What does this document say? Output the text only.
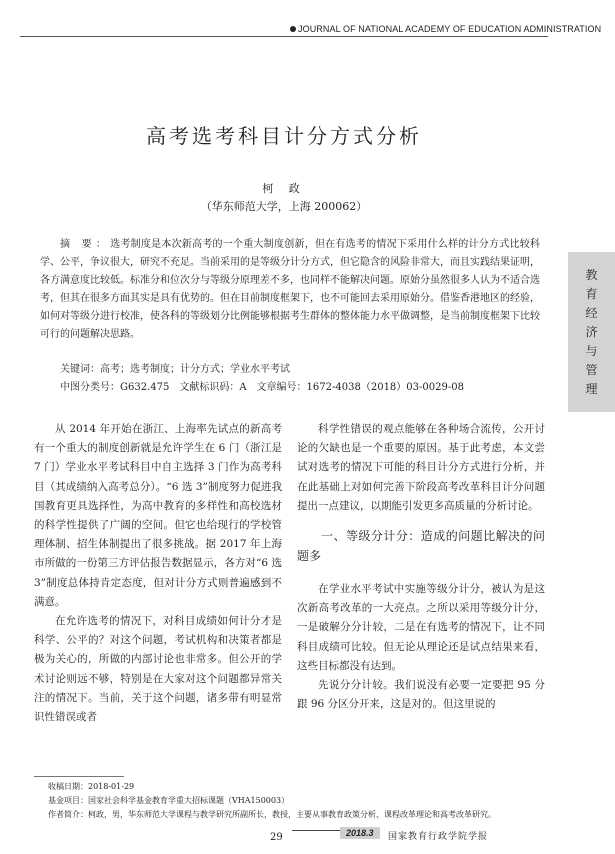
JOURNAL OF NATIONAL ACADEMY OF EDUCATION ADMINISTRATION
高考选考科目计分方式分析
柯 政
（华东师范大学，上海 200062）
摘 要：选考制度是本次新高考的一个重大制度创新，但在有选考的情况下采用什么样的计分方式比较科学、公平，争议很大，研究不充足。当前采用的是等级分计分方式，但它隐含的风险非常大，而且实践结果证明，各方满意度比较低。标准分和位次分与等级分原理差不多，也同样不能解决问题。原始分虽然很多人认为不适合选考，但其在很多方面其实是具有优势的。但在目前制度框架下，也不可能回去采用原始分。借鉴香港地区的经验，如何对等级分进行校准，使各科的等级划分比例能够根据考生群体的整体能力水平做调整，是当前制度框架下比较可行的问题解决思路。
关键词：高考；选考制度；计分方式；学业水平考试
中图分类号：G632.475　文献标识码：A　文章编号：1672-4038（2018）03-0029-08
教
育
经
济
与
管
理

从 2014 年开始在浙江、上海率先试点的新高考有一个重大的制度创新就是允许学生在 6 门（浙江是 7 门）学业水平考试科目中自主选择 3 门作为高考科目（其成绩纳入高考总分）。“6 选 3”制度努力促进我国教育更具选择性，为高中教育的多样性和高校选材的科学性提供了广阔的空间。但它也给现行的学校管理体制、招生体制提出了很多挑战。据 2017 年上海市所做的一份第三方评估报告数据显示，各方对“6 选 3”制度总体持肯定态度，但对计分方式则普遍感到不满意。

在允许选考的情况下，对科目成绩如何计分才是科学、公平的？对这个问题，考试机构和决策者都是极为关心的，所做的内部讨论也非常多。但公开的学术讨论则远不够，特别是在大家对这个问题都异常关注的情况下。当前，关于这个问题，诸多带有明显常识性错误或者

科学性错误的观点能够在各种场合流传，公开讨论的欠缺也是一个重要的原因。基于此考虑，本文尝试对选考的情况下可能的科目计分方式进行分析，并在此基础上对如何完善下阶段高考改革科目计分问题提出一点建议，以期能引发更多高质量的分析讨论。

一、等级分计分：造成的问题比解决的问题多

在学业水平考试中实施等级分计分，被认为是这次新高考改革的一大亮点。之所以采用等级分计分，一是破解分分计较，二是在有选考的情况下，让不同科目成绩可比较。但无论从理论还是试点结果来看，这些目标都没有达到。

先说分分计较。我们说没有必要一定要把 95 分跟 96 分区分开来，这是对的。但这里说的

收稿日期：2018-01-29
基金项目：国家社会科学基金教育学重大招标课题（VHA150003）
作者简介：柯政，男，华东师范大学课程与教学研究所副所长，教授，主要从事教育政策分析、课程改革理论和高考改革研究。
29	2018.3	国家教育行政学院学报
